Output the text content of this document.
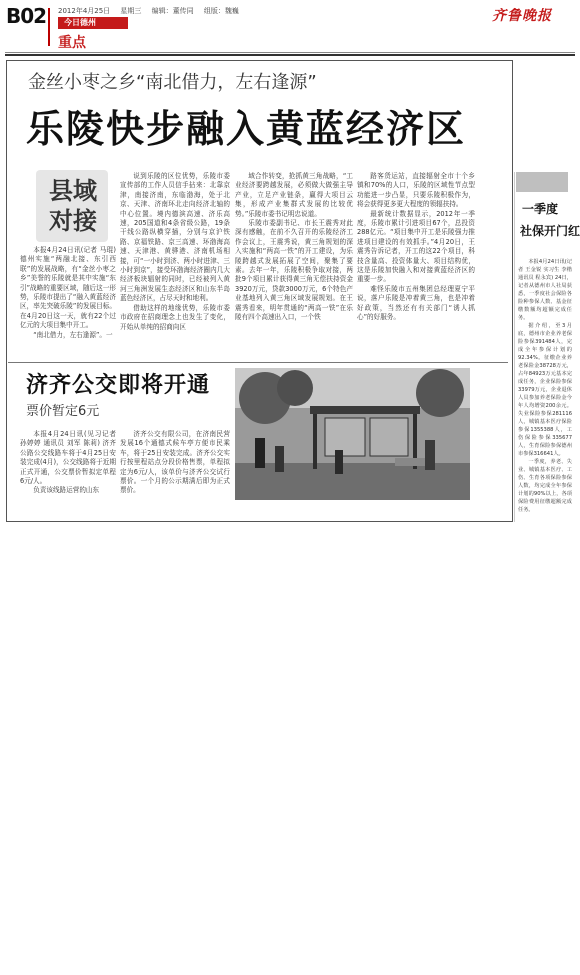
B02 2012年4月25日 星期三 编辑：董传同 组版：魏巍
今日德州
重点
齐鲁晚报
金丝小枣之乡“南北借力，左右逢源”
乐陵快步融入黄蓝经济区
县域
对接

本报4月24日讯(记者 马琨) 德州实施“两融北接、东引西联”的发展战略，有“金丝小枣之乡”美誉的乐陵就是其中实施“东引”战略的重要区域，随后这一形势，乐陵市提出了“融入黄蓝经济区，率先突破乐陵”的发展目标。在4月20日这一天，就有22个过亿元的大项目集中开工。

“南北借力，左右逢源”。一

说到乐陵的区位优势，乐陵市委宣传部的工作人员信手拈来：北靠京津，南接济南，东临渤海，处于北京、天津、济南环北走向经济北轴的中心位置。境内德滨高速、济乐高速，205国道和4条省级公路，19条干线公路纵横穿插，分别与京沪铁路、京福铁路、京三高速、环渤海高速、天津港、黄骅港、济南机场相接，可“一小时到济、两小时进津、三小时到京”，接受环渤海经济圈内几大经济板块辐射的同时，已经被列入黄河三角洲发展生态经济区和山东半岛蓝色经济区，占尽天时和地利。

借助这样的地缘优势，乐陵市委市政府在招商理念上也发生了变化，开始从单纯的招商向区

域合作转变，抢抓黄三角战略，“工业经济要跨越发展，必须做大做强主导产业，立足产业链条，赢得大项目云集，形成产业集群式发展的比较优势。”乐陵市委书记明忠说道。

乐陵市委副书记、市长王震秀对此深有感触，在前不久召开的乐陵经济工作会议上，王震秀说，黄三角规划的深入实施和“两高一铁”的开工建设，为乐陵跨越式发展拓展了空间，聚集了要素。去年一年，乐陵积极争取对接，两批9个项目累计获得黄三角无偿扶持资金3920万元，贷款3000万元，6个特色产业基地列入黄三角区域发展规划。在王震秀看来，明年贯通的“两高一铁”在乐陵有四个高速出入口，一个铁

路客货运站，直接辐射全市十个乡镇和70%的人口，乐陵的区域性节点型功能进一步凸显，只要乐陵积极作为，将会获得更多更大程度的领辐扶持。

最新统计数据显示，2012年一季度，乐陵市累计引进项目67个，总投资288亿元。“项目集中开工是乐陵强力推进项目建设的有效抓手。”4月20日，王震秀告诉记者，开工的这22个项目，科技含量高、投资体量大、项目结构优，这是乐陵加快融入和对接黄蓝经济区的重要一步。

难怪乐陵市五州集团总经理夏宁平说，落户乐陵是冲着黄三角，也是冲着好政策，当然还有有关部门“诱人抓心”的好服务。

济齐公交即将开通
票价暂定6元

本报4月24日讯(见习记者 孙婷婷 通讯员 刘军 陈莉) 济齐公路公交线路车将于4月25日安装完成(4月)，公交线路将于近期正式开通，公交票价暂拟定单程6元/人。

负责该线路运营的山东

济齐公交有限公司，在济南民营发展16个通德式候车亭方便市民乘车，将于25日安装完成。济齐公交实行按里程站点分段价格售票，单程拟定为6元/人，该单价与济齐公交试行票价。一个月的公示期满后即为正式票价。

一季度
社保开门红

本报4月24日讯(记者 王金锐 实习生 李楷 通讯员 程永宾) 24日，记者从德州市人社局获悉，一季度社会保险各险种参保人数、基金征缴数额均超额完成任务。

据介绍，至3月底，德州市企业养老保险参保391484人，完成全年参保计划的92.34%。征缴企业养老保险金38728万元，占年84923万元基本完成任务，企业保险参保33979万元，企业退休人员参加养老保险金今年人均增资200余元。失业保险参保281116人，城镇基本医疗保险参保1355388人，工伤保险参保335677人，生育保险参保德州市参保316641人。

一季度，养老、失业、城镇基本医疗、工伤、生育各项保险参保人数，均完成全年参保计划的90%以上，各项保险费用征缴超额完成任务。
